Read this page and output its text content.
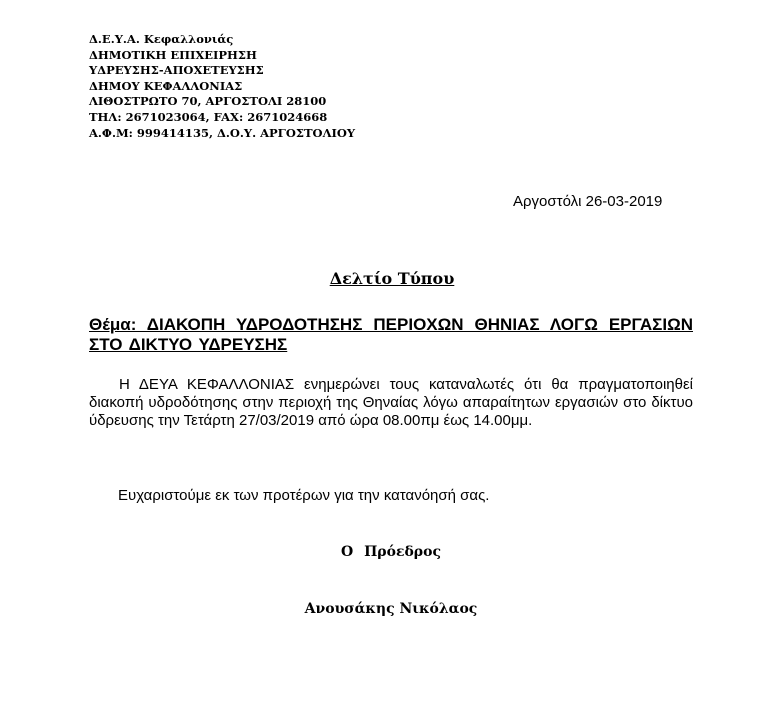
Δ.Ε.Υ.Α. Κεφαλλονιάς
ΔΗΜΟΤΙΚΗ ΕΠΙΧΕΙΡΗΣΗ
ΥΔΡΕΥΣΗΣ-ΑΠΟΧΕΤΕΥΣΗΣ
ΔΗΜΟΥ ΚΕΦΑΛΛΟΝΙΑΣ
ΛΙΘΟΣΤΡΩΤΟ 70, ΑΡΓΟΣΤΟΛΙ 28100
ΤΗΛ: 2671023064, FAX: 2671024668
Α.Φ.Μ: 999414135, Δ.Ο.Υ. ΑΡΓΟΣΤΟΛΙΟΥ
Αργοστόλι 26-03-2019
Δελτίο Τύπου
Θέμα: ΔΙΑΚΟΠΗ ΥΔΡΟΔΟΤΗΣΗΣ ΠΕΡΙΟΧΩΝ ΘΗΝΙΑΣ ΛΟΓΩ ΕΡΓΑΣΙΩΝ ΣΤΟ ΔΙΚΤΥΟ ΥΔΡΕΥΣΗΣ
Η ΔΕΥΑ ΚΕΦΑΛΛΟΝΙΑΣ ενημερώνει τους καταναλωτές ότι θα πραγματοποιηθεί διακοπή υδροδότησης στην περιοχή της Θηναίας λόγω απαραίτητων εργασιών στο δίκτυο ύδρευσης την Τετάρτη 27/03/2019 από ώρα 08.00πμ έως 14.00μμ.
Ευχαριστούμε εκ των προτέρων για την κατανόησή σας.
Ο Πρόεδρος
Ανουσάκης Νικόλαος
